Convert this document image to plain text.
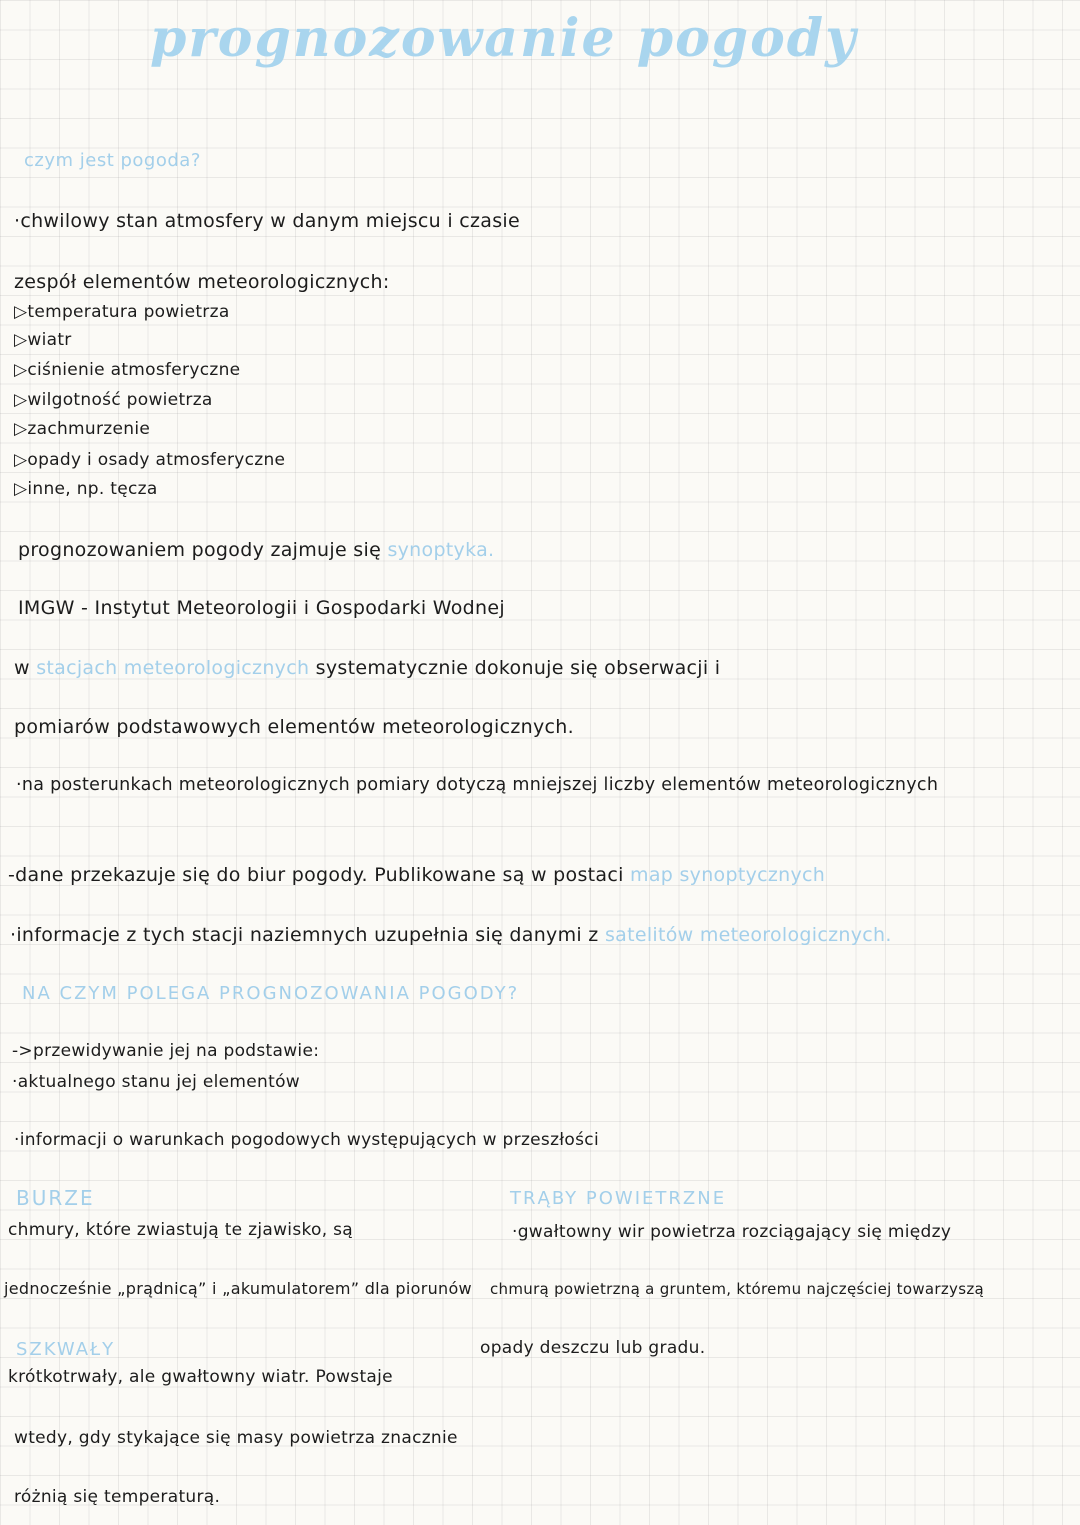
prognozowanie pogody
czym jest pogoda?
·chwilowy stan atmosfery w danym miejscu i czasie
zespół elementów meteorologicznych:
▷temperatura powietrza
▷wiatr
▷ciśnienie atmosferyczne
▷wilgotność powietrza
▷zachmurzenie
▷opady i osady atmosferyczne
▷inne, np. tęcza
prognozowaniem pogody zajmuje się synoptyka.
IMGW - Instytut Meteorologii i Gospodarki Wodnej
w stacjach meteorologicznych systematycznie dokonuje się obserwacji i
pomiarów podstawowych elementów meteorologicznych.
·na posterunkach meteorologicznych pomiary dotyczą mniejszej liczby elementów meteorologicznych
-dane przekazuje się do biur pogody. Publikowane są w postaci map synoptycznych
·informacje z tych stacji naziemnych uzupełnia się danymi z satelitów meteorologicznych.
NA CZYM POLEGA PROGNOZOWANIA POGODY?
->przewidywanie jej na podstawie:
·aktualnego stanu jej elementów
·informacji o warunkach pogodowych występujących w przeszłości
BURZE
chmury, które zwiastują te zjawisko, są
jednocześnie „prądnicą” i „akumulatorem” dla piorunów
TRĄBY POWIETRZNE
·gwałtowny wir powietrza rozciągający się między
chmurą powietrzną a gruntem, któremu najczęściej towarzyszą
opady deszczu lub gradu.
SZKWAŁY
krótkotrwały, ale gwałtowny wiatr. Powstaje
wtedy, gdy stykające się masy powietrza znacznie
różnią się temperaturą.
